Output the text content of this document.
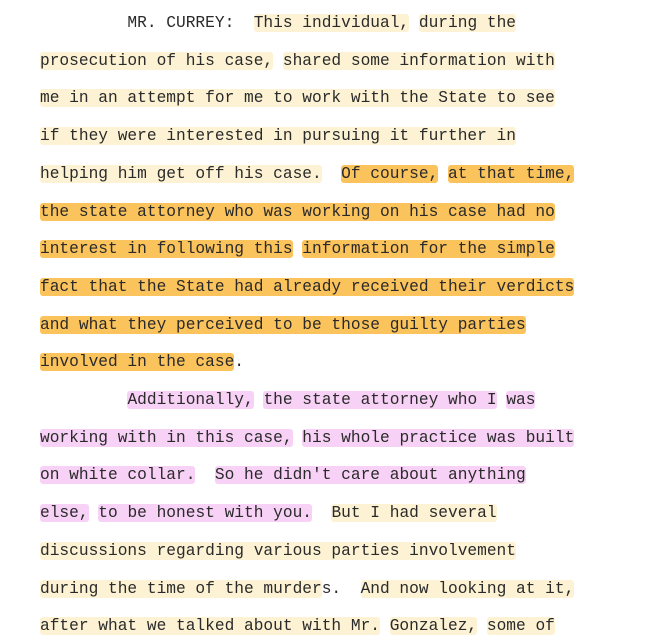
MR. CURREY:  This individual, during the
prosecution of his case, shared some information with
me in an attempt for me to work with the State to see
if they were interested in pursuing it further in
helping him get off his case. Of course, at that time,
the state attorney who was working on his case had no
interest in following this information for the simple
fact that the State had already received their verdicts
and what they perceived to be those guilty parties
involved in the case.
Additionally, the state attorney who I was
working with in this case, his whole practice was built
on white collar. So he didn't care about anything
else, to be honest with you. But I had several
discussions regarding various parties involvement
during the time of the murders.  And now looking at it,
after what we talked about with Mr. Gonzalez, some of
